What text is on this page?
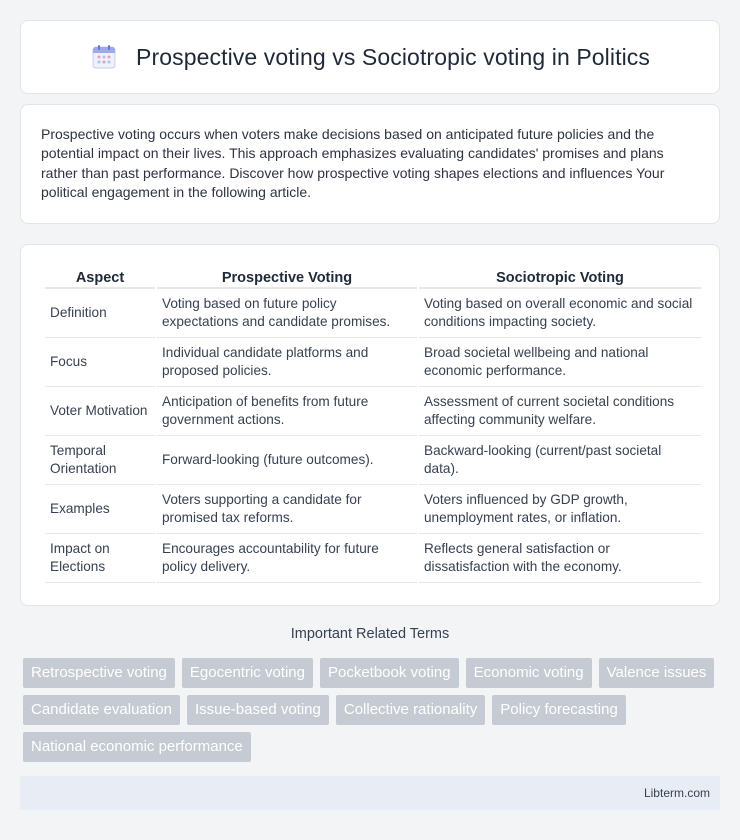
Prospective voting vs Sociotropic voting in Politics

Prospective voting occurs when voters make decisions based on anticipated future policies and the potential impact on their lives. This approach emphasizes evaluating candidates' promises and plans rather than past performance. Discover how prospective voting shapes elections and influences Your political engagement in the following article.

Aspect	Prospective Voting	Sociotropic Voting
Definition	Voting based on future policy expectations and candidate promises.	Voting based on overall economic and social conditions impacting society.
Focus	Individual candidate platforms and proposed policies.	Broad societal wellbeing and national economic performance.
Voter Motivation	Anticipation of benefits from future government actions.	Assessment of current societal conditions affecting community welfare.
Temporal Orientation	Forward-looking (future outcomes).	Backward-looking (current/past societal data).
Examples	Voters supporting a candidate for promised tax reforms.	Voters influenced by GDP growth, unemployment rates, or inflation.
Impact on Elections	Encourages accountability for future policy delivery.	Reflects general satisfaction or dissatisfaction with the economy.
Important Related Terms
Retrospective voting	Egocentric voting	Pocketbook voting	Economic voting	Valence issues
Candidate evaluation	Issue-based voting	Collective rationality	Policy forecasting
National economic performance
Libterm.com
